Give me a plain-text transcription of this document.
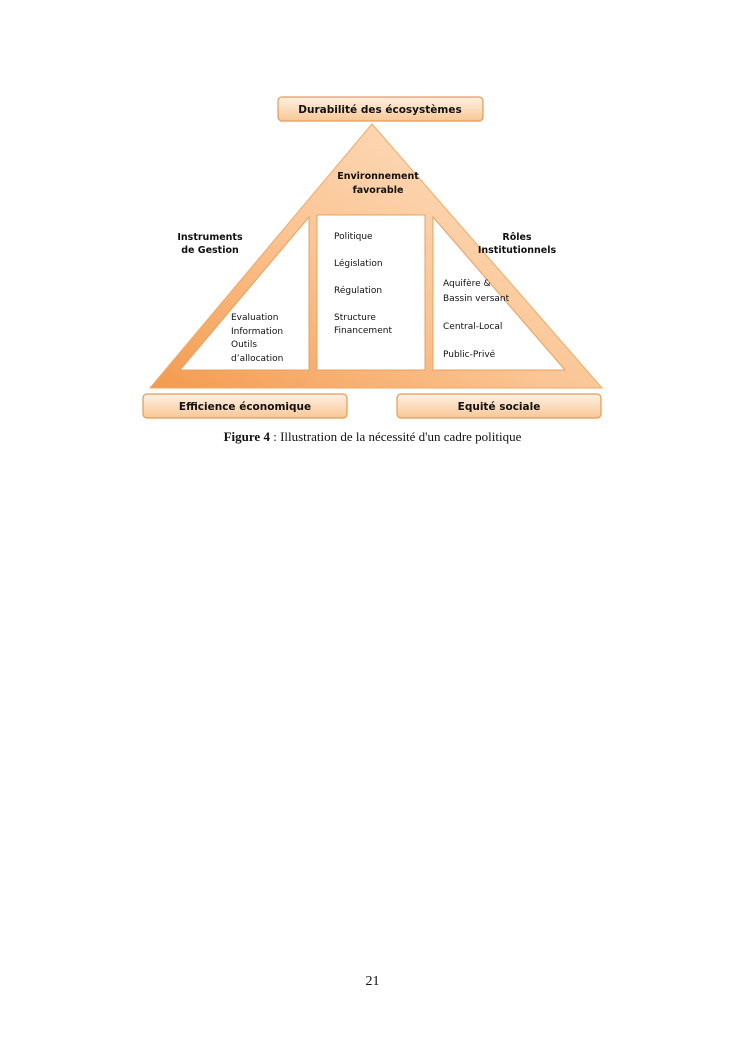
Durabilité des écosystèmes
Environnement
favorable
Instruments
de Gestion
Rôles
Institutionnels
Evaluation
Information
Outils
d’allocation
Politique
Législation
Régulation
Structure
Financement
Aquifère &
Bassin versant
Central-Local
Public-Privé
Efficience économique	Equité sociale
Figure 4 : Illustration de la nécessité d'un cadre politique
21
